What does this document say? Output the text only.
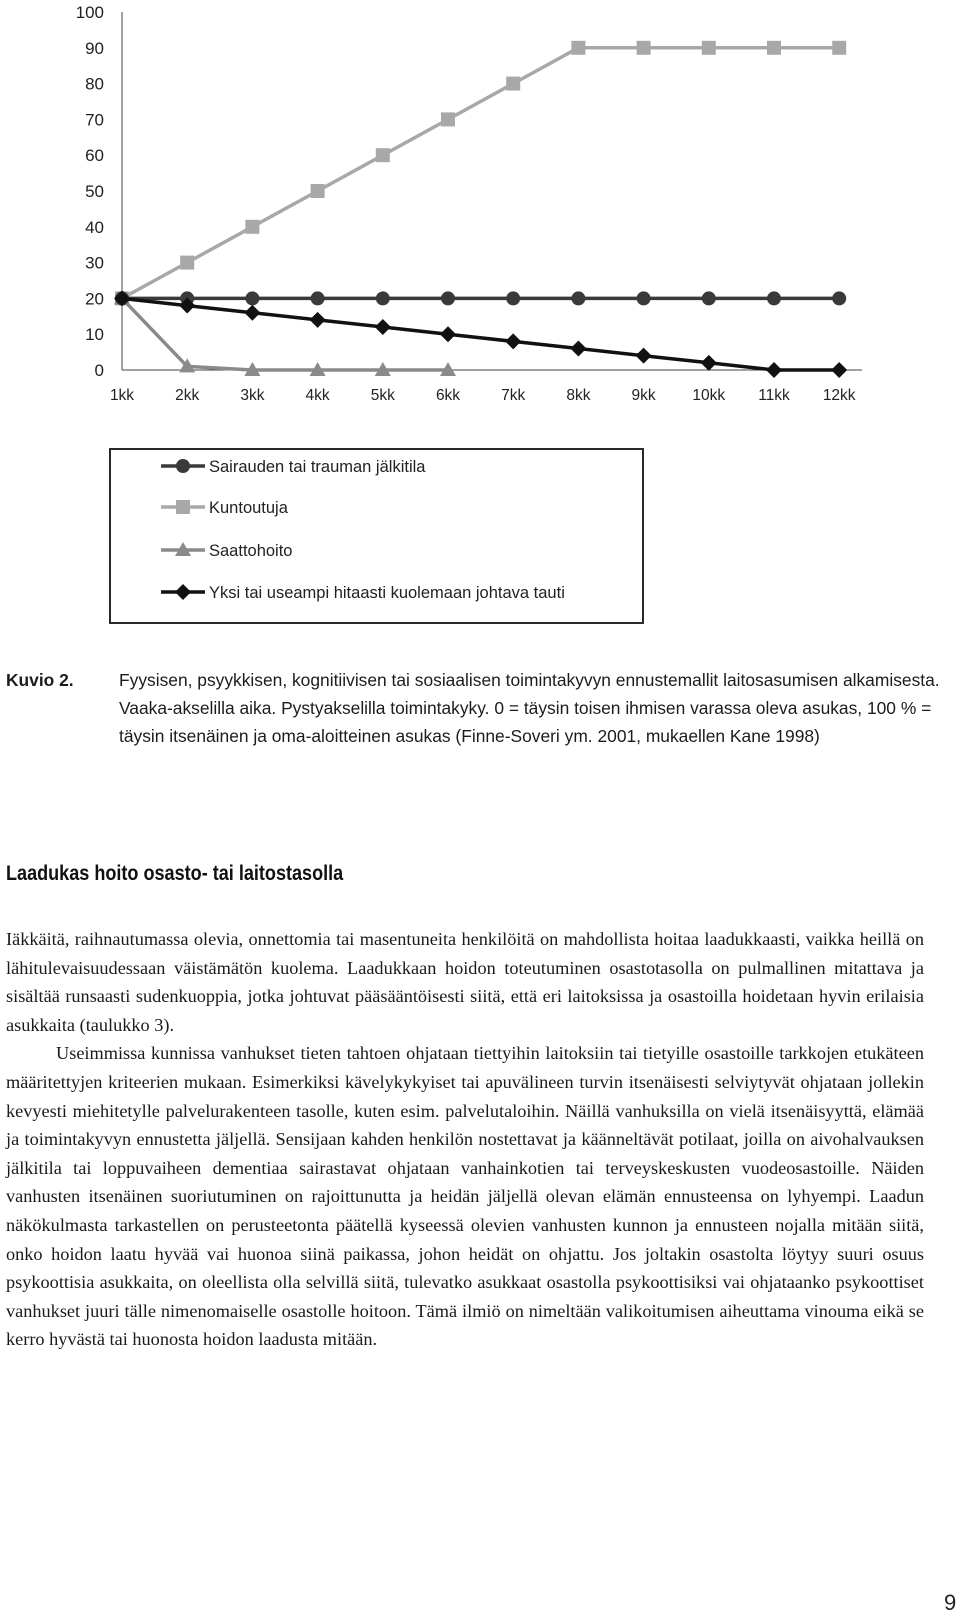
0
10
20
30
40
50
60
70
80
90
100
1kk	2kk	3kk	4kk	5kk	6kk	7kk	8kk	9kk 10kk 11kk 12kk
Sairauden tai trauman jälkitila
Kuntoutuja
Saattohoito
Yksi tai useampi hitaasti kuolemaan johtava tauti
Kuvio 2.	Fyysisen, psyykkisen, kognitiivisen tai sosiaalisen toimintakyvyn ennustemallit laitosasumisen alkamisesta. Vaaka-akselilla aika. Pystyakselilla toimintakyky. 0 = täysin toisen ihmisen varassa oleva asukas, 100 % = täysin itsenäinen ja oma-aloitteinen asukas (Finne-Soveri ym. 2001, mukaellen Kane 1998)
Laadukas hoito osasto- tai laitostasolla

Iäkkäitä, raihnautumassa olevia, onnettomia tai masentuneita henkilöitä on mahdollista hoitaa laadukkaasti, vaikka heillä on lähitulevaisuudessaan väistämätön kuolema. Laadukkaan hoidon toteutuminen osastotasolla on pulmallinen mitattava ja sisältää runsaasti sudenkuoppia, jotka johtuvat pääsääntöisesti siitä, että eri laitoksissa ja osastoilla hoidetaan hyvin erilaisia asukkaita (taulukko 3).

Useimmissa kunnissa vanhukset tieten tahtoen ohjataan tiettyihin laitoksiin tai tietyille osastoille tarkkojen etukäteen määritettyjen kriteerien mukaan. Esimerkiksi kävelykykyiset tai apuvälineen turvin itsenäisesti selviytyvät ohjataan jollekin kevyesti miehitetylle palvelurakenteen tasolle, kuten esim. palvelutaloihin. Näillä vanhuksilla on vielä itsenäisyyttä, elämää ja toimintakyvyn ennustetta jäljellä. Sensijaan kahden henkilön nostettavat ja käänneltävät potilaat, joilla on aivohalvauksen jälkitila tai loppuvaiheen dementiaa sairastavat ohjataan vanhainkotien tai terveyskeskusten vuodeosastoille. Näiden vanhusten itsenäinen suoriutuminen on rajoittunutta ja heidän jäljellä olevan elämän ennusteensa on lyhyempi. Laadun näkökulmasta tarkastellen on perusteetonta päätellä kyseessä olevien vanhusten kunnon ja ennusteen nojalla mitään siitä, onko hoidon laatu hyvää vai huonoa siinä paikassa, johon heidät on ohjattu. Jos joltakin osastolta löytyy suuri osuus psykoottisia asukkaita, on oleellista olla selvillä siitä, tulevatko asukkaat osastolla psykoottisiksi vai ohjataanko psykoottiset vanhukset juuri tälle nimenomaiselle osastolle hoitoon. Tämä ilmiö on nimeltään valikoitumisen aiheuttama vinouma eikä se kerro hyvästä tai huonosta hoidon laadusta mitään.

9
